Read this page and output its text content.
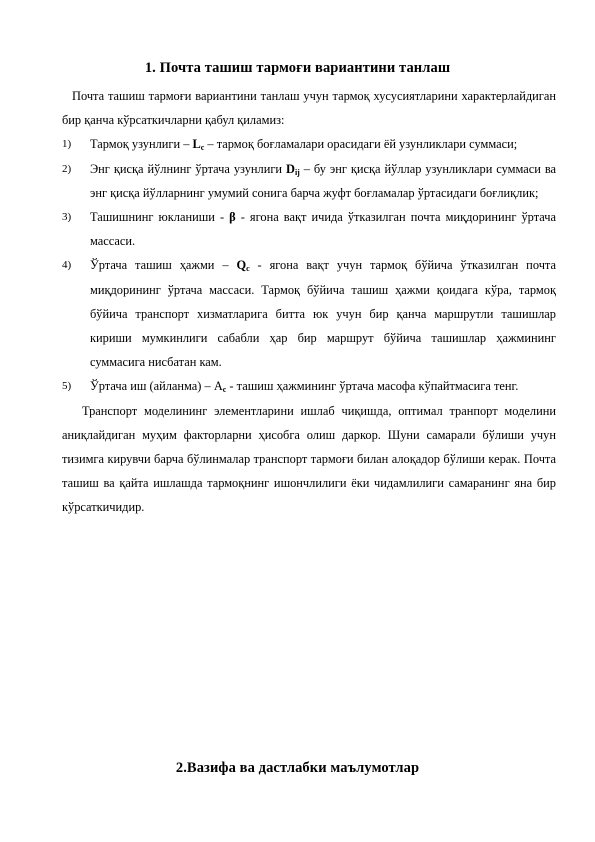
1. Почта ташиш тармоғи вариантини танлаш

Почта ташиш тармоғи вариантини танлаш учун тармоқ хусусиятларини характерлайдиган бир қанча кўрсаткичларни қабул қиламиз:

1)	Тармоқ узунлиги – $L_c$ – тармоқ боғламалари орасидаги ёй узунликлари суммаси;

2)	Энг қисқа йўлнинг ўртача узунлиги $D_{ij}$ – бу энг қисқа йўллар узунликлари суммаси ва энг қисқа йўлларнинг умумий сонига барча жуфт боғламалар ўртасидаги боғлиқлик;

3)	Ташишнинг юкланиши - β - ягона вақт ичида ўтказилган почта миқдорининг ўртача массаси.

4)	Ўртача ташиш ҳажми – $Q_c$ - ягона вақт учун тармоқ бўйича ўтказилган почта миқдорининг ўртача массаси. Тармоқ бўйича ташиш ҳажми қоидага кўра, тармоқ бўйича транспорт хизматларига битта юк учун бир қанча маршрутли ташишлар кириши мумкинлиги сабабли ҳар бир маршрут бўйича ташишлар ҳажмининг суммасига нисбатан кам.

5)	Ўртача иш (айланма) – $А_c$ - ташиш ҳажмининг ўртача масофа кўпайтмасига тенг.

Транспорт моделининг элементларини ишлаб чиқишда, оптимал транпорт моделини аниқлайдиган муҳим факторларни ҳисобга олиш даркор. Шуни самарали бўлиши учун тизимга кирувчи барча бўлинмалар транспорт тармоғи билан алоқадор бўлиши керак. Почта ташиш ва қайта ишлашда тармоқнинг ишончлилиги ёки чидамлилиги самаранинг яна бир кўрсаткичидир.

2.Вазифа ва дастлабки маълумотлар
